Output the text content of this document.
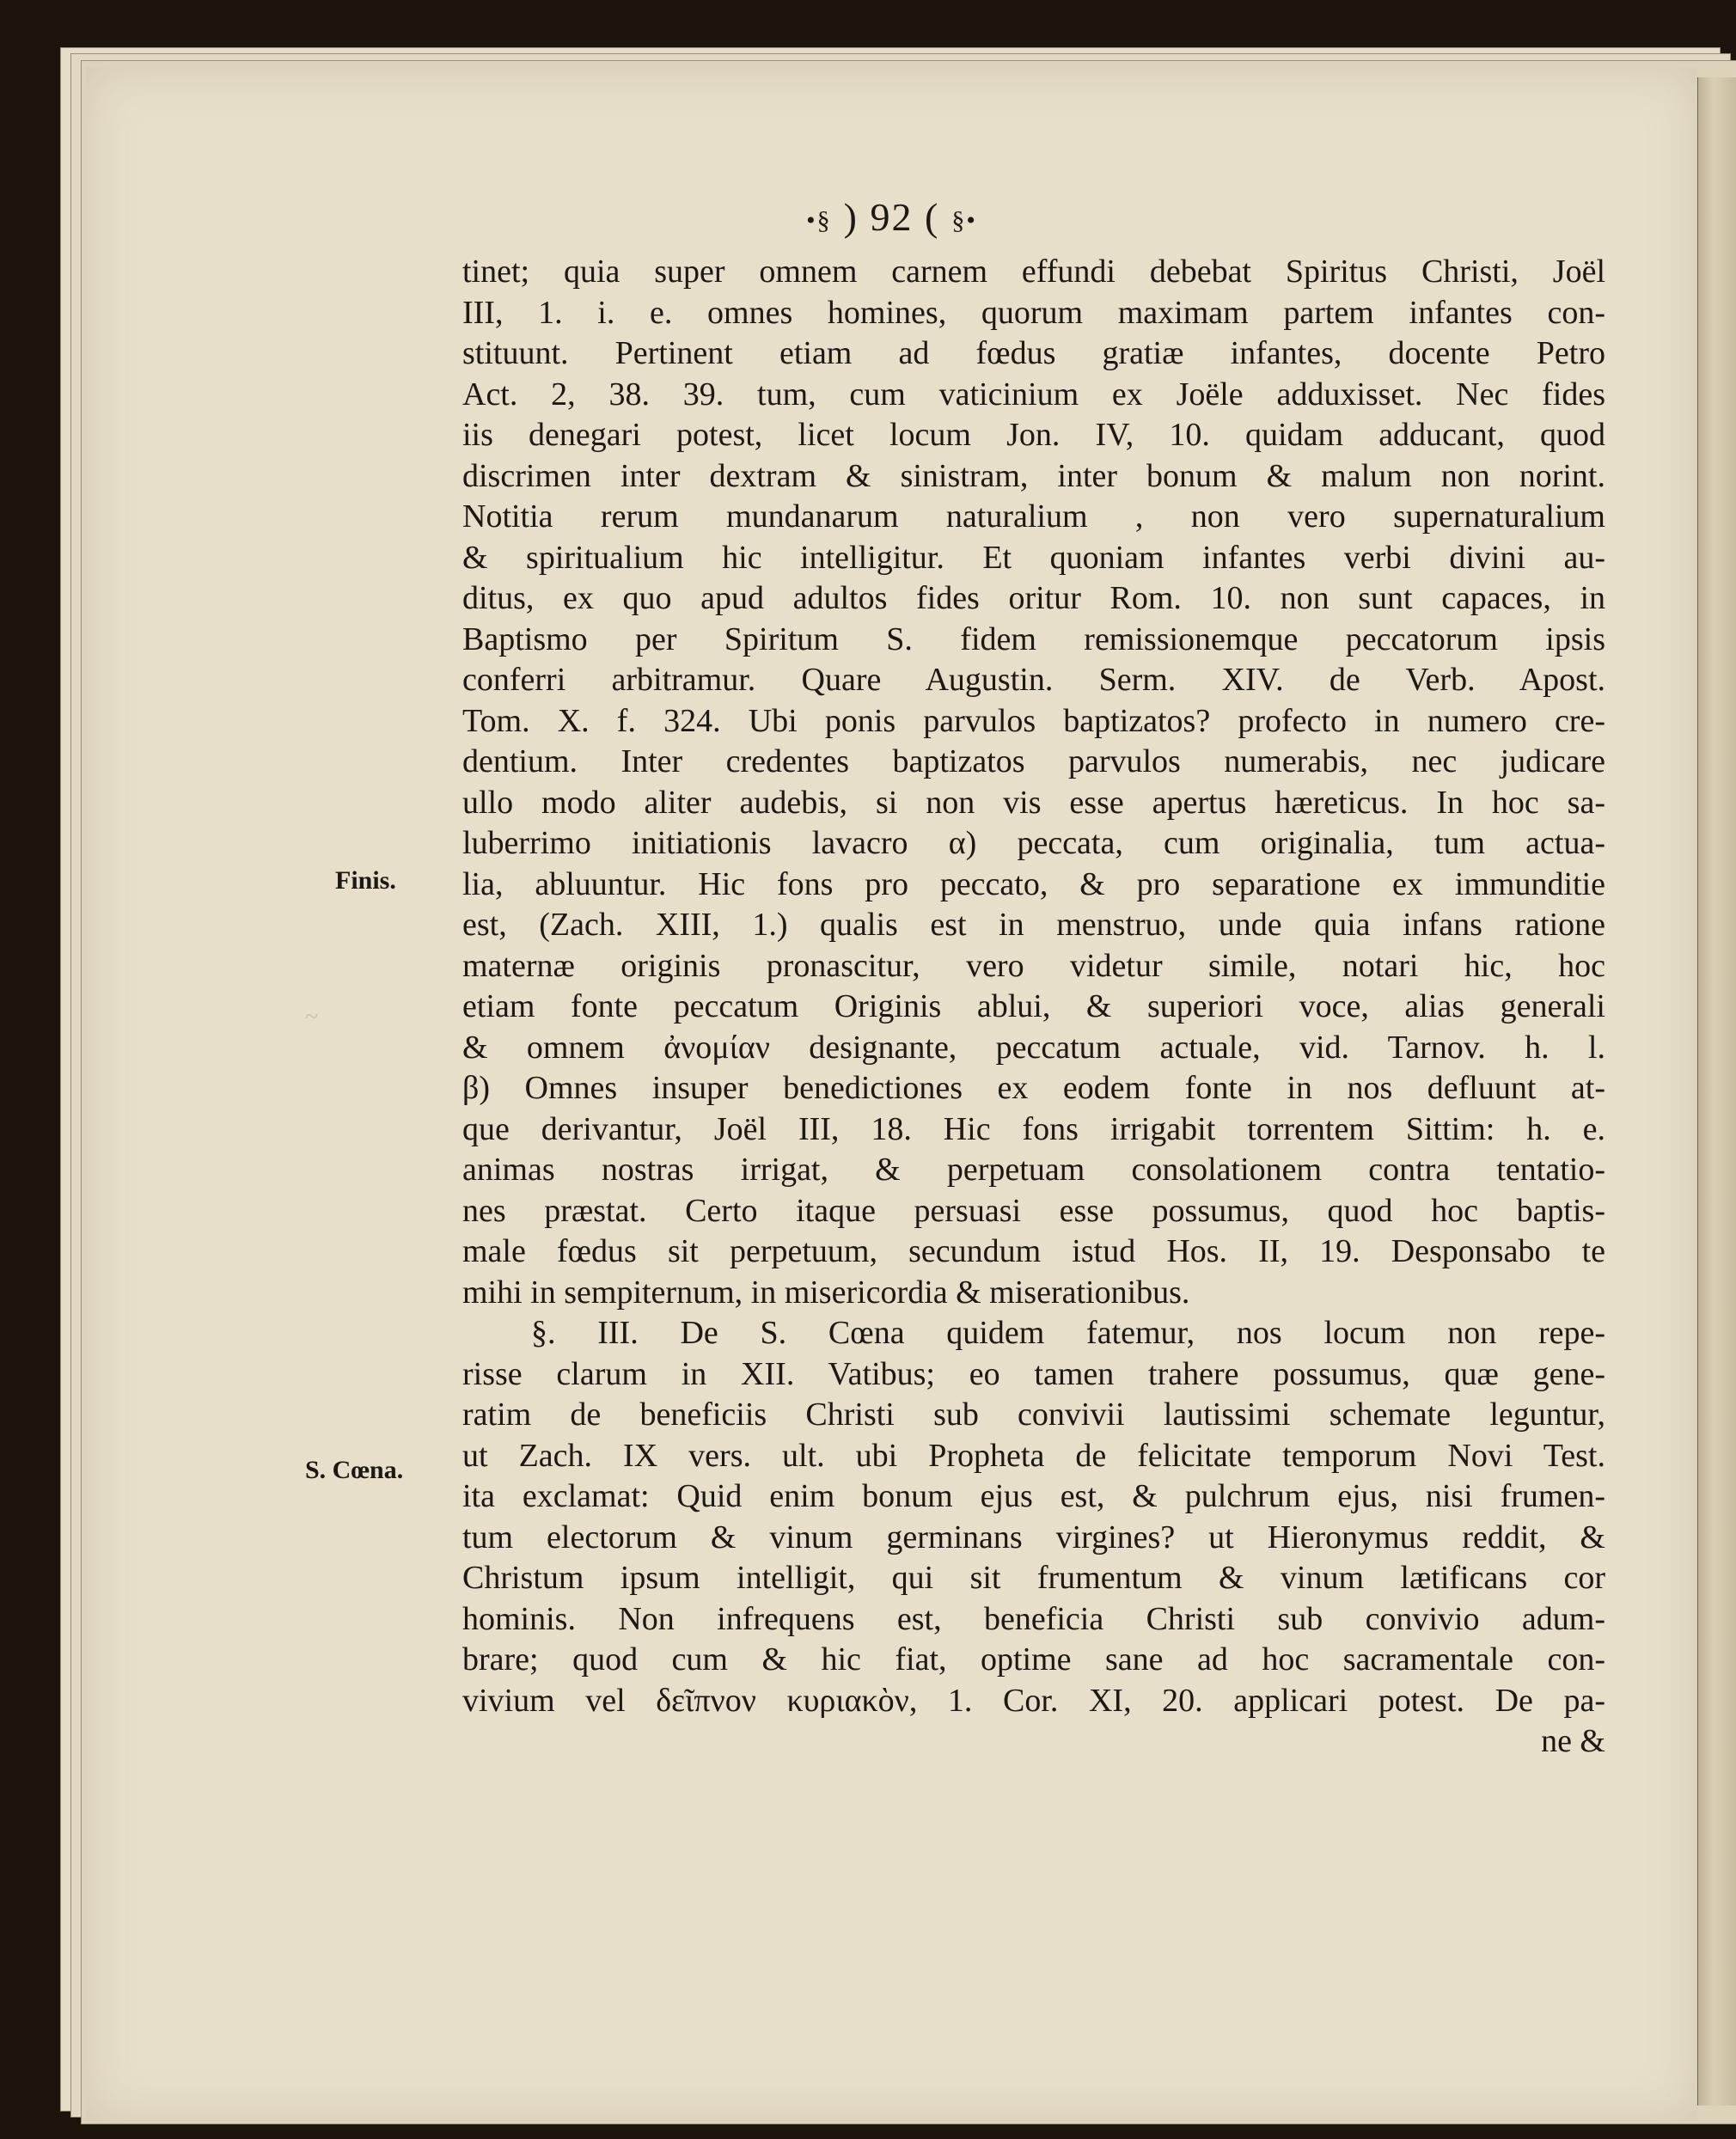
•§ ) 92 ( §•
~
Finis.
S. Cœna.
tinet; quia super omnem carnem effundi debebat Spiritus Christi, Joël
III, 1. i. e. omnes homines, quorum maximam partem infantes con-
stituunt. Pertinent etiam ad fœdus gratiæ infantes, docente Petro
Act. 2, 38. 39. tum, cum vaticinium ex Joële adduxisset. Nec fides
iis denegari potest, licet locum Jon. IV, 10. quidam adducant, quod
discrimen inter dextram & sinistram, inter bonum & malum non norint.
Notitia rerum mundanarum naturalium , non vero supernaturalium
& spiritualium hic intelligitur. Et quoniam infantes verbi divini au-
ditus, ex quo apud adultos fides oritur Rom. 10. non sunt capaces, in
Baptismo per Spiritum S. fidem remissionemque peccatorum ipsis
conferri arbitramur. Quare Augustin. Serm. XIV. de Verb. Apost.
Tom. X. f. 324. Ubi ponis parvulos baptizatos? profecto in numero cre-
dentium. Inter credentes baptizatos parvulos numerabis, nec judicare
ullo modo aliter audebis, si non vis esse apertus hæreticus. In hoc sa-
luberrimo initiationis lavacro α) peccata, cum originalia, tum actua-
lia, abluuntur. Hic fons pro peccato, & pro separatione ex immunditie
est, (Zach. XIII, 1.) qualis est in menstruo, unde quia infans ratione
maternæ originis pronascitur, vero videtur simile, notari hic, hoc
etiam fonte peccatum Originis ablui, & superiori voce, alias generali
& omnem ἀνομίαν designante, peccatum actuale, vid. Tarnov. h. l.
β) Omnes insuper benedictiones ex eodem fonte in nos defluunt at-
que derivantur, Joël III, 18. Hic fons irrigabit torrentem Sittim: h. e.
animas nostras irrigat, & perpetuam consolationem contra tentatio-
nes præstat. Certo itaque persuasi esse possumus, quod hoc baptis-
male fœdus sit perpetuum, secundum istud Hos. II, 19. Desponsabo te
mihi in sempiternum, in misericordia & miserationibus.
§. III. De S. Cœna quidem fatemur, nos locum non repe-
risse clarum in XII. Vatibus; eo tamen trahere possumus, quæ gene-
ratim de beneficiis Christi sub convivii lautissimi schemate leguntur,
ut Zach. IX vers. ult. ubi Propheta de felicitate temporum Novi Test.
ita exclamat: Quid enim bonum ejus est, & pulchrum ejus, nisi frumen-
tum electorum & vinum germinans virgines? ut Hieronymus reddit, &
Christum ipsum intelligit, qui sit frumentum & vinum lætificans cor
hominis. Non infrequens est, beneficia Christi sub convivio adum-
brare; quod cum & hic fiat, optime sane ad hoc sacramentale con-
vivium vel δεῖπνον κυριακὸν, 1. Cor. XI, 20. applicari potest. De pa-
ne &
